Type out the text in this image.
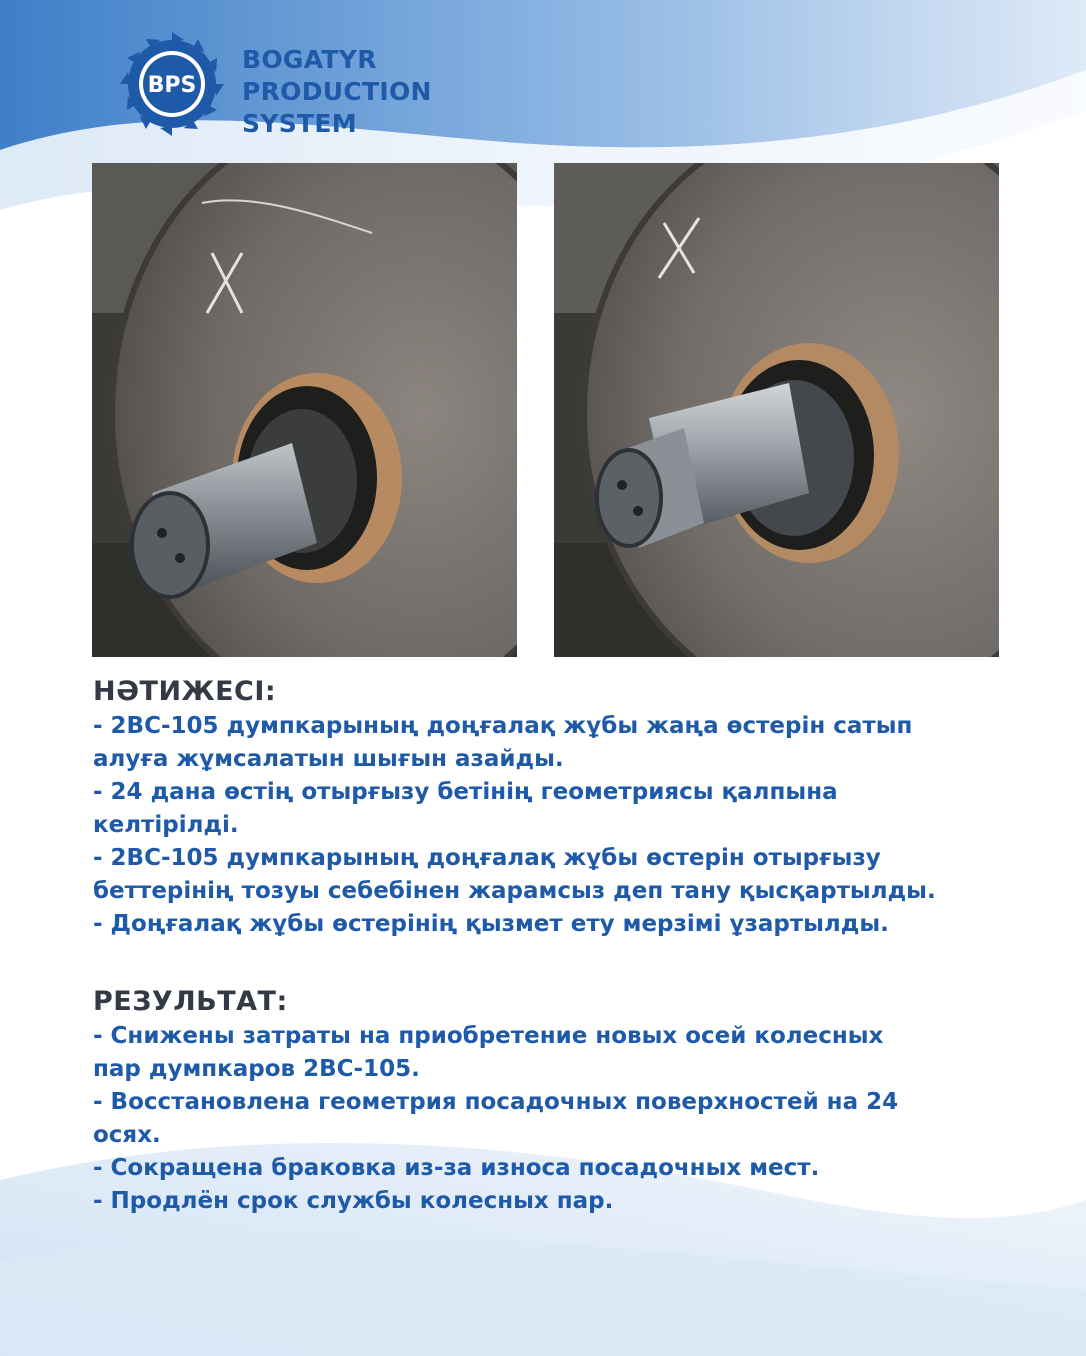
BPS
BOGATYR
PRODUCTION
SYSTEM
НӘТИЖЕСІ:
- 2ВС-105 думпкарының доңғалақ жұбы жаңа өстерін сатып
алуға жұмсалатын шығын азайды.
- 24 дана өстің отырғызу бетінің геометриясы қалпына
келтірілді.
- 2ВС-105 думпкарының доңғалақ жұбы өстерін отырғызу
беттерінің тозуы себебінен жарамсыз деп тану қысқартылды.
- Доңғалақ жұбы өстерінің қызмет ету мерзімі ұзартылды.
РЕЗУЛЬТАТ:
- Снижены затраты на приобретение новых осей колесных
пар думпкаров 2ВС-105.
- Восстановлена геометрия посадочных поверхностей на 24
осях.
- Сокращена браковка из-за износа посадочных мест.
- Продлён срок службы колесных пар.
